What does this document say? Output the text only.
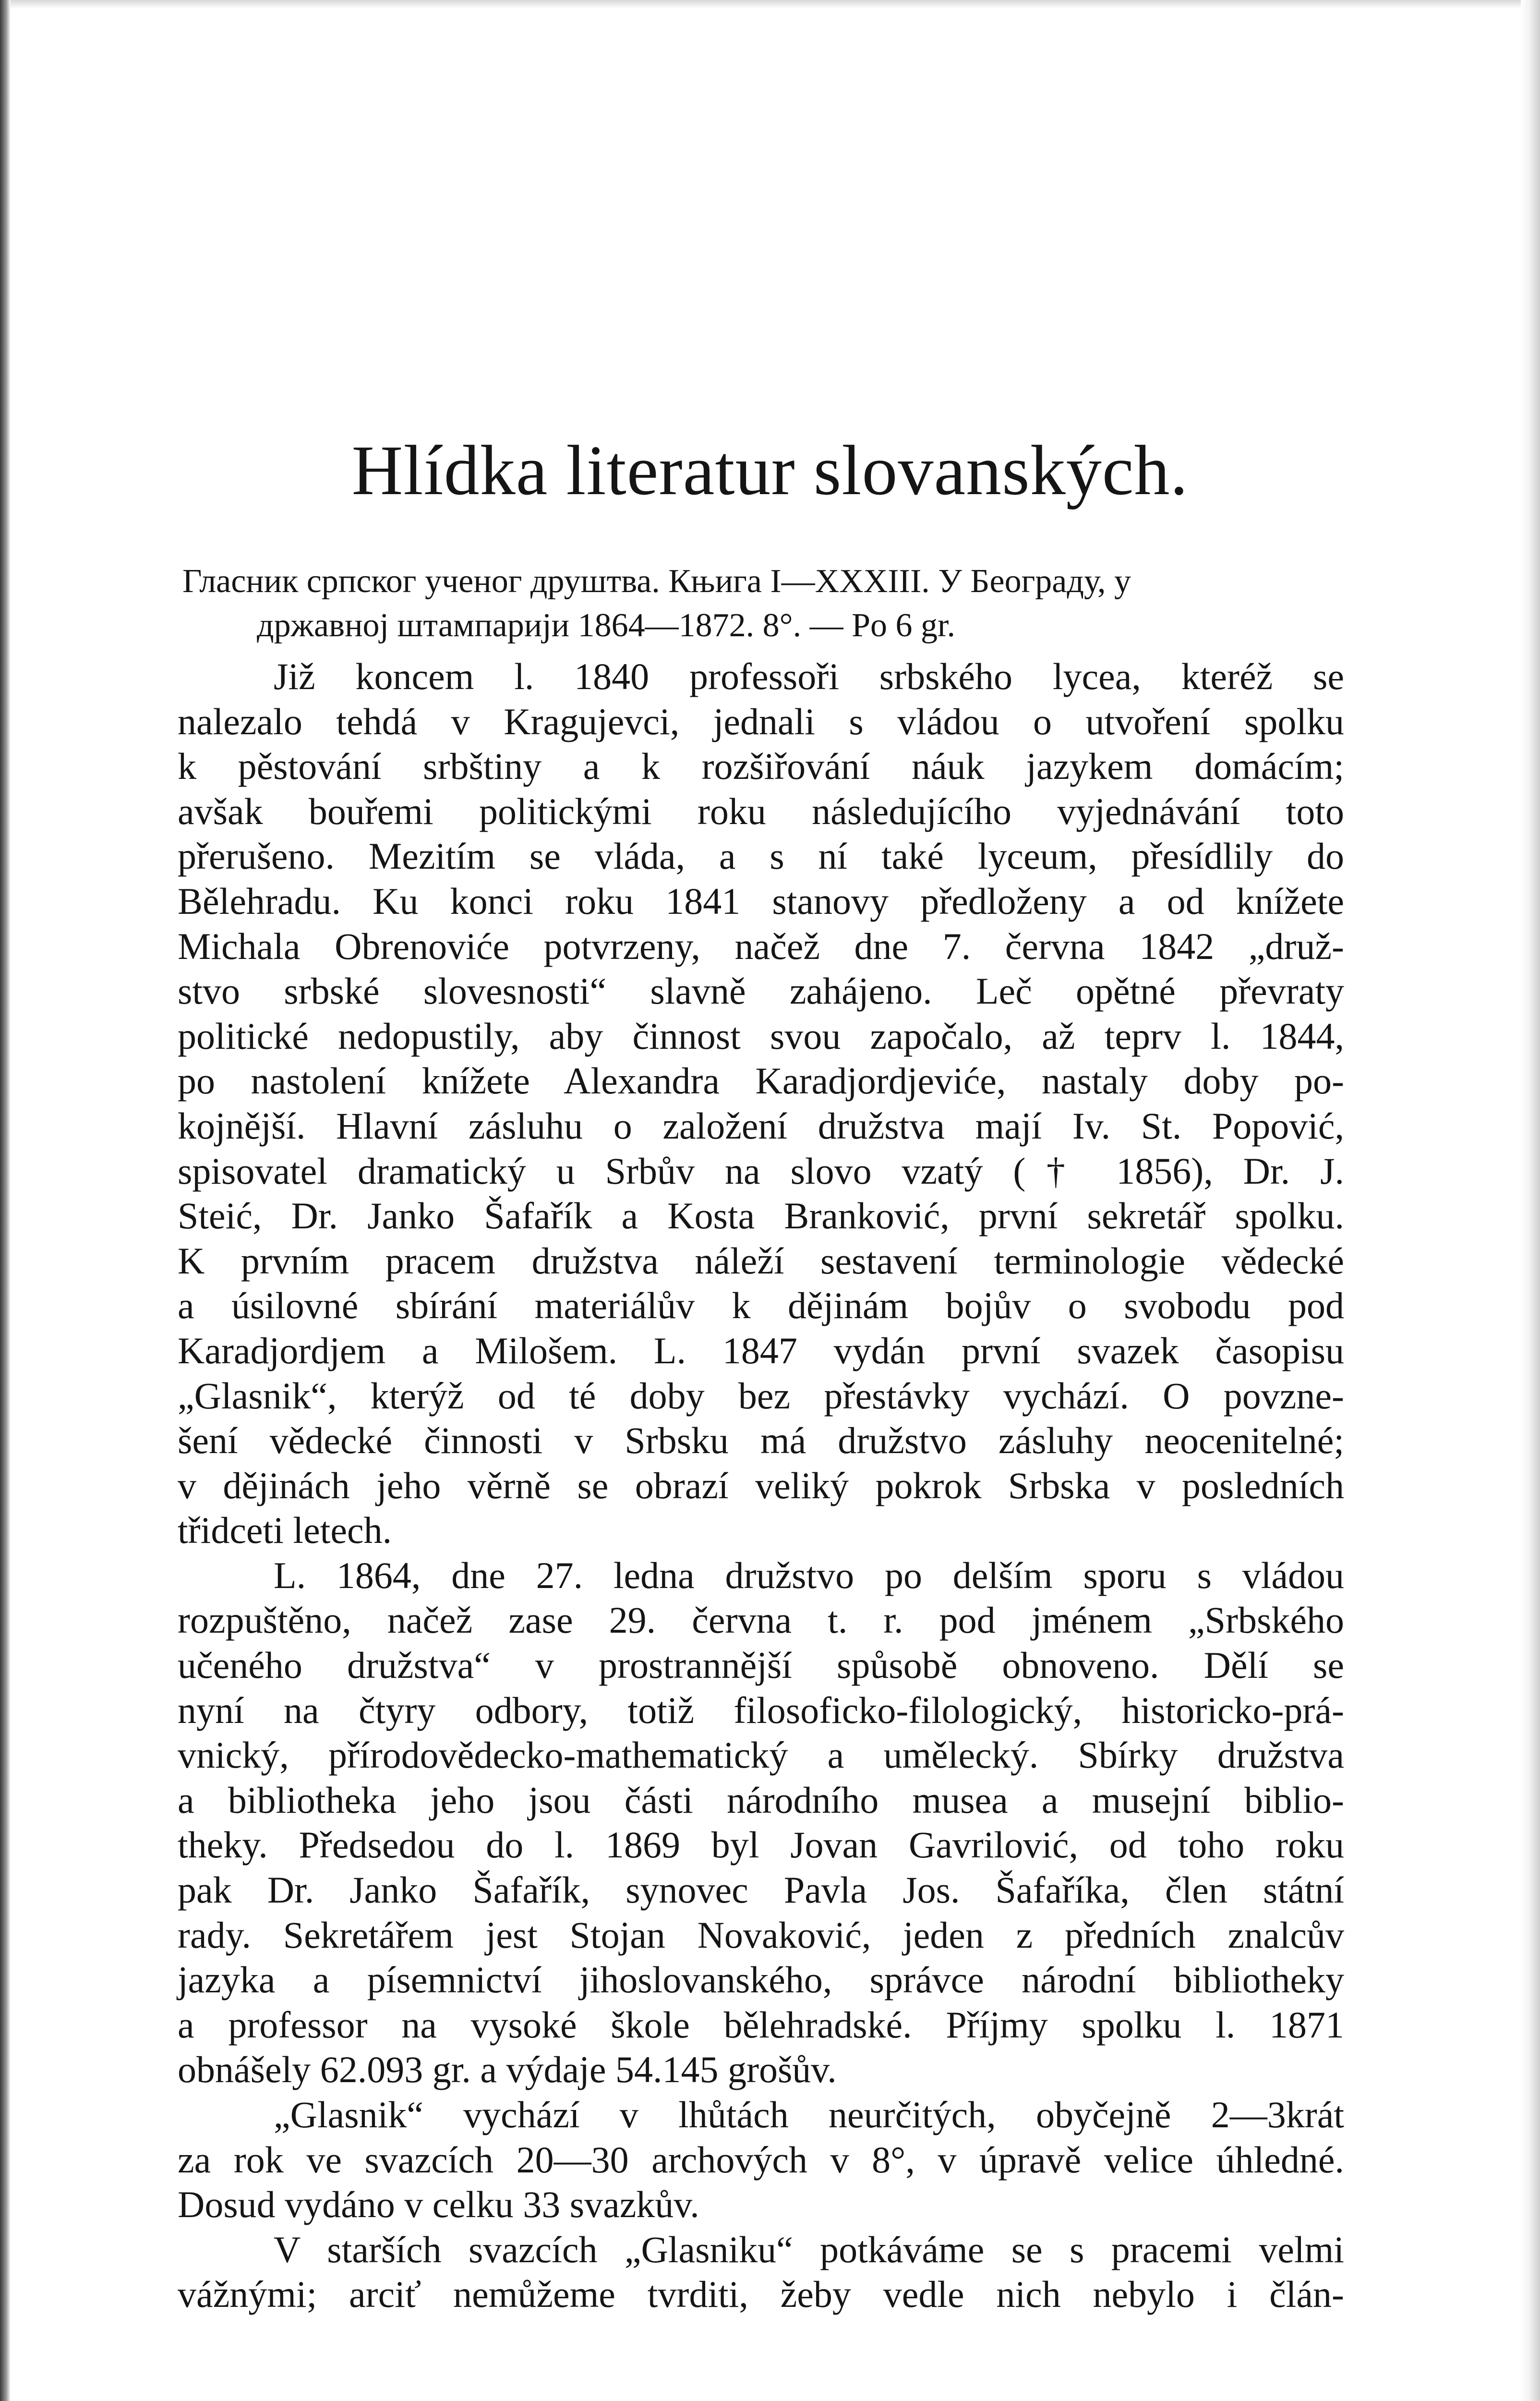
Hlídka literatur slovanských.
Гласник српског ученог друштва. Књига I—XXXIII. У Београду, у
државној штампарији 1864—1872. 8°. — Po 6 gr.
Již koncem l. 1840 professoři srbského lycea, kteréž se
nalezalo tehdá v Kragujevci, jednali s vládou o utvoření spolku
k pěstování srbštiny a k rozšiřování náuk jazykem domácím;
avšak bouřemi politickými roku následujícího vyjednávání toto
přerušeno. Mezitím se vláda, a s ní také lyceum, přesídlily do
Bělehradu. Ku konci roku 1841 stanovy předloženy a od knížete
Michala Obrenoviće potvrzeny, načež dne 7. června 1842 „druž-
stvo srbské slovesnosti“ slavně zahájeno. Leč opětné převraty
politické nedopustily, aby činnost svou započalo, až teprv l. 1844,
po nastolení knížete Alexandra Karadjordjeviće, nastaly doby po-
kojnější. Hlavní zásluhu o založení družstva mají Iv. St. Popović,
spisovatel dramatický u Srbův na slovo vzatý († 1856), Dr. J.
Steić, Dr. Janko Šafařík a Kosta Branković, první sekretář spolku.
K prvním pracem družstva náleží sestavení terminologie vědecké
a úsilovné sbírání materiálův k dějinám bojův o svobodu pod
Karadjordjem a Milošem. L. 1847 vydán první svazek časopisu
„Glasnik“, kterýž od té doby bez přestávky vychází. O povzne-
šení vědecké činnosti v Srbsku má družstvo zásluhy neocenitelné;
v dějinách jeho věrně se obrazí veliký pokrok Srbska v posledních
třidceti letech.
L. 1864, dne 27. ledna družstvo po delším sporu s vládou
rozpuštěno, načež zase 29. června t. r. pod jménem „Srbského
učeného družstva“ v prostrannější spůsobě obnoveno. Dělí se
nyní na čtyry odbory, totiž filosoficko-filologický, historicko-prá-
vnický, přírodovědecko-mathematický a umělecký. Sbírky družstva
a bibliotheka jeho jsou části národního musea a musejní biblio-
theky. Předsedou do l. 1869 byl Jovan Gavrilović, od toho roku
pak Dr. Janko Šafařík, synovec Pavla Jos. Šafaříka, člen státní
rady. Sekretářem jest Stojan Novaković, jeden z předních znalcův
jazyka a písemnictví jihoslovanského, správce národní bibliotheky
a professor na vysoké škole bělehradské. Příjmy spolku l. 1871
obnášely 62.093 gr. a výdaje 54.145 grošův.
„Glasnik“ vychází v lhůtách neurčitých, obyčejně 2—3krát
za rok ve svazcích 20—30 archových v 8°, v úpravě velice úhledné.
Dosud vydáno v celku 33 svazkův.
V starších svazcích „Glasniku“ potkáváme se s pracemi velmi
vážnými; arciť nemůžeme tvrditi, žeby vedle nich nebylo i člán-
